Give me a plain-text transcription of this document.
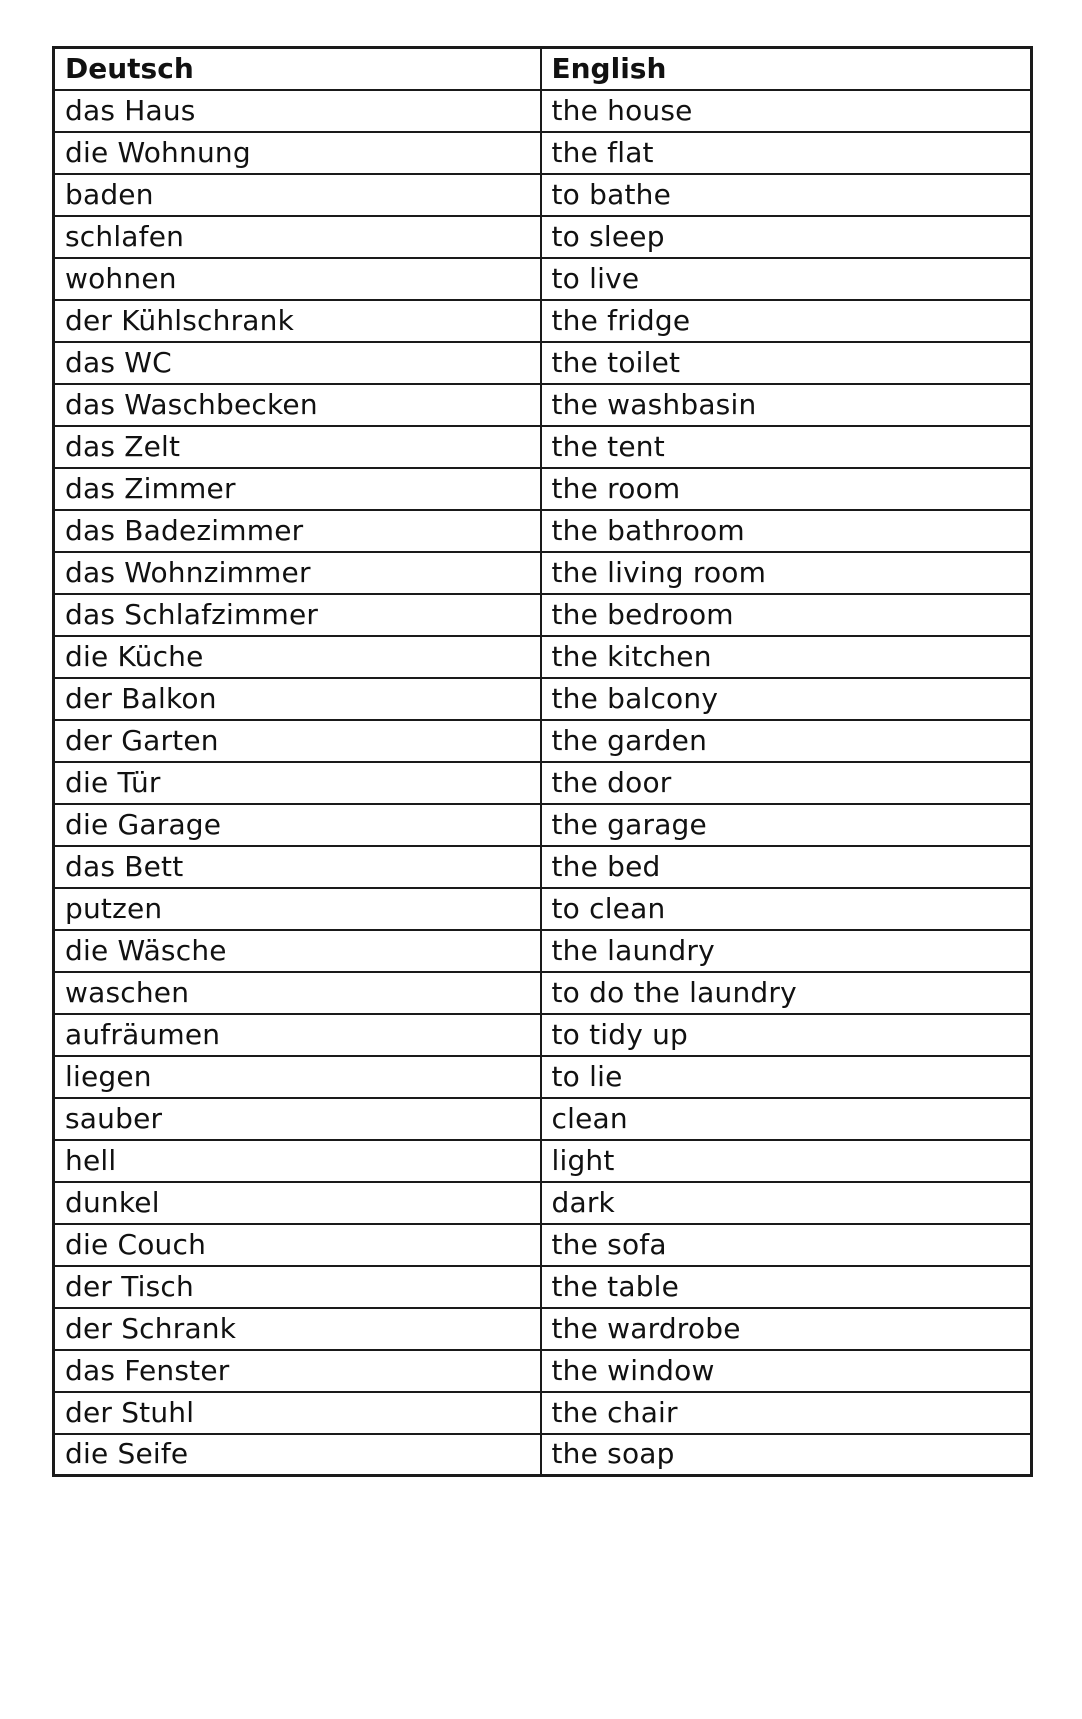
Deutsch	English
das Haus	the house
die Wohnung	the flat
baden	to bathe
schlafen	to sleep
wohnen	to live
der Kühlschrank	the fridge
das WC	the toilet
das Waschbecken	the washbasin
das Zelt	the tent
das Zimmer	the room
das Badezimmer	the bathroom
das Wohnzimmer	the living room
das Schlafzimmer	the bedroom
die Küche	the kitchen
der Balkon	the balcony
der Garten	the garden
die Tür	the door
die Garage	the garage
das Bett	the bed
putzen	to clean
die Wäsche	the laundry
waschen	to do the laundry
aufräumen	to tidy up
liegen	to lie
sauber	clean
hell	light
dunkel	dark
die Couch	the sofa
der Tisch	the table
der Schrank	the wardrobe
das Fenster	the window
der Stuhl	the chair
die Seife	the soap
